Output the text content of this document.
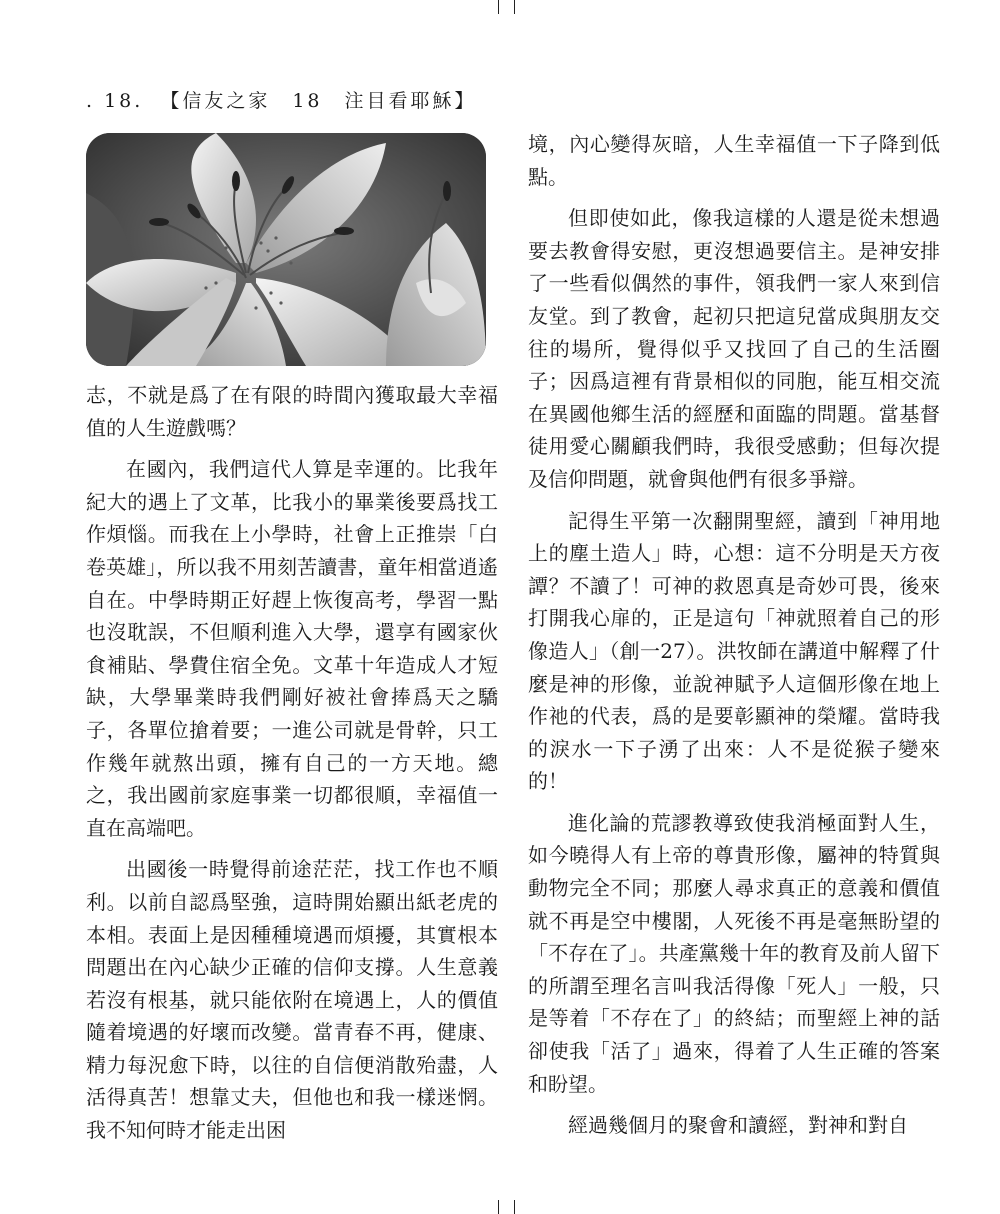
. 18. 【信友之家　18　注目看耶穌】

志，不就是爲了在有限的時間內獲取最大幸福值的人生遊戲嗎？

在國內，我們這代人算是幸運的。比我年紀大的遇上了文革，比我小的畢業後要爲找工作煩惱。而我在上小學時，社會上正推崇「白卷英雄」，所以我不用刻苦讀書，童年相當逍遙自在。中學時期正好趕上恢復高考，學習一點也沒耽誤，不但順利進入大學，還享有國家伙食補貼、學費住宿全免。文革十年造成人才短缺，大學畢業時我們剛好被社會捧爲天之驕子，各單位搶着要；一進公司就是骨幹，只工作幾年就熬出頭，擁有自己的一方天地。總之，我出國前家庭事業一切都很順，幸福值一直在高端吧。

出國後一時覺得前途茫茫，找工作也不順利。以前自認爲堅強，這時開始顯出紙老虎的本相。表面上是因種種境遇而煩擾，其實根本問題出在內心缺少正確的信仰支撐。人生意義若沒有根基，就只能依附在境遇上，人的價值隨着境遇的好壞而改變。當青春不再，健康、精力每況愈下時，以往的自信便消散殆盡，人活得真苦！想靠丈夫，但他也和我一樣迷惘。我不知何時才能走出困

境，內心變得灰暗，人生幸福值一下子降到低點。

但即使如此，像我這樣的人還是從未想過要去教會得安慰，更沒想過要信主。是神安排了一些看似偶然的事件，領我們一家人來到信友堂。到了教會，起初只把這兒當成與朋友交往的場所，覺得似乎又找回了自己的生活圈子；因爲這裡有背景相似的同胞，能互相交流在異國他鄉生活的經歷和面臨的問題。當基督徒用愛心關顧我們時，我很受感動；但每次提及信仰問題，就會與他們有很多爭辯。

記得生平第一次翻開聖經，讀到「神用地上的塵土造人」時，心想：這不分明是天方夜譚？不讀了！可神的救恩真是奇妙可畏，後來打開我心扉的，正是這句「神就照着自己的形像造人」（創一27）。洪牧師在講道中解釋了什麼是神的形像，並說神賦予人這個形像在地上作祂的代表，爲的是要彰顯神的榮耀。當時我的淚水一下子湧了出來：人不是從猴子變來的！

進化論的荒謬教導致使我消極面對人生，如今曉得人有上帝的尊貴形像，屬神的特質與動物完全不同；那麼人尋求真正的意義和價值就不再是空中樓閣，人死後不再是毫無盼望的「不存在了」。共產黨幾十年的教育及前人留下的所謂至理名言叫我活得像「死人」一般，只是等着「不存在了」的終結；而聖經上神的話卻使我「活了」過來，得着了人生正確的答案和盼望。

經過幾個月的聚會和讀經，對神和對自
